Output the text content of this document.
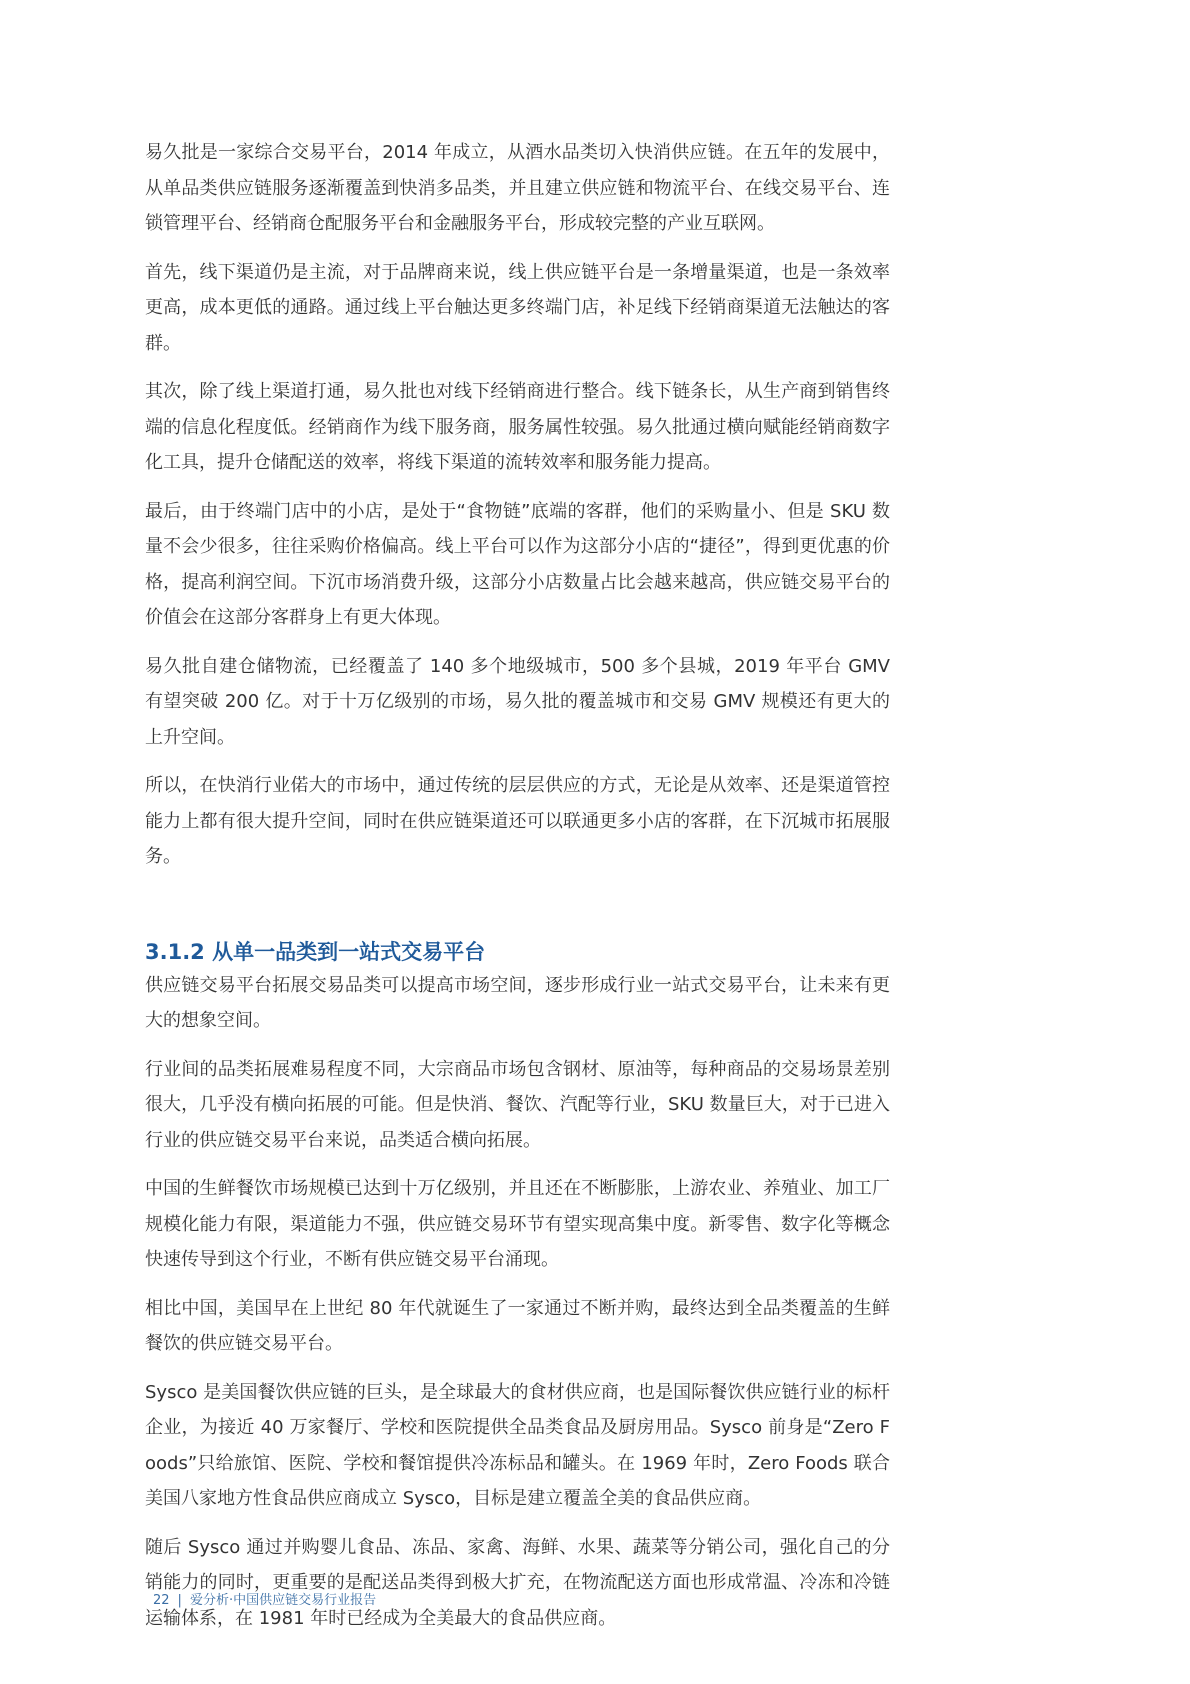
易久批是一家综合交易平台，2014 年成立，从酒水品类切入快消供应链。在五年的发展中，从单品类供应链服务逐渐覆盖到快消多品类，并且建立供应链和物流平台、在线交易平台、连锁管理平台、经销商仓配服务平台和金融服务平台，形成较完整的产业互联网。

首先，线下渠道仍是主流，对于品牌商来说，线上供应链平台是一条增量渠道，也是一条效率更高，成本更低的通路。通过线上平台触达更多终端门店，补足线下经销商渠道无法触达的客群。

其次，除了线上渠道打通，易久批也对线下经销商进行整合。线下链条长，从生产商到销售终端的信息化程度低。经销商作为线下服务商，服务属性较强。易久批通过横向赋能经销商数字化工具，提升仓储配送的效率，将线下渠道的流转效率和服务能力提高。

最后，由于终端门店中的小店，是处于“食物链”底端的客群，他们的采购量小、但是 SKU 数量不会少很多，往往采购价格偏高。线上平台可以作为这部分小店的“捷径”，得到更优惠的价格，提高利润空间。下沉市场消费升级，这部分小店数量占比会越来越高，供应链交易平台的价值会在这部分客群身上有更大体现。

易久批自建仓储物流，已经覆盖了 140 多个地级城市，500 多个县城，2019 年平台 GMV 有望突破 200 亿。对于十万亿级别的市场，易久批的覆盖城市和交易 GMV 规模还有更大的上升空间。

所以，在快消行业偌大的市场中，通过传统的层层供应的方式，无论是从效率、还是渠道管控能力上都有很大提升空间，同时在供应链渠道还可以联通更多小店的客群，在下沉城市拓展服务。

3.1.2 从单一品类到一站式交易平台

供应链交易平台拓展交易品类可以提高市场空间，逐步形成行业一站式交易平台，让未来有更大的想象空间。

行业间的品类拓展难易程度不同，大宗商品市场包含钢材、原油等，每种商品的交易场景差别很大，几乎没有横向拓展的可能。但是快消、餐饮、汽配等行业，SKU 数量巨大，对于已进入行业的供应链交易平台来说，品类适合横向拓展。

中国的生鲜餐饮市场规模已达到十万亿级别，并且还在不断膨胀，上游农业、养殖业、加工厂规模化能力有限，渠道能力不强，供应链交易环节有望实现高集中度。新零售、数字化等概念快速传导到这个行业，不断有供应链交易平台涌现。

相比中国，美国早在上世纪 80 年代就诞生了一家通过不断并购，最终达到全品类覆盖的生鲜餐饮的供应链交易平台。

Sysco 是美国餐饮供应链的巨头，是全球最大的食材供应商，也是国际餐饮供应链行业的标杆企业，为接近 40 万家餐厅、学校和医院提供全品类食品及厨房用品。Sysco 前身是“Zero Foods”只给旅馆、医院、学校和餐馆提供冷冻标品和罐头。在 1969 年时，Zero Foods 联合美国八家地方性食品供应商成立 Sysco，目标是建立覆盖全美的食品供应商。

随后 Sysco 通过并购婴儿食品、冻品、家禽、海鲜、水果、蔬菜等分销公司，强化自己的分销能力的同时，更重要的是配送品类得到极大扩充，在物流配送方面也形成常温、冷冻和冷链运输体系，在 1981 年时已经成为全美最大的食品供应商。

22 | 爱分析·中国供应链交易行业报告
